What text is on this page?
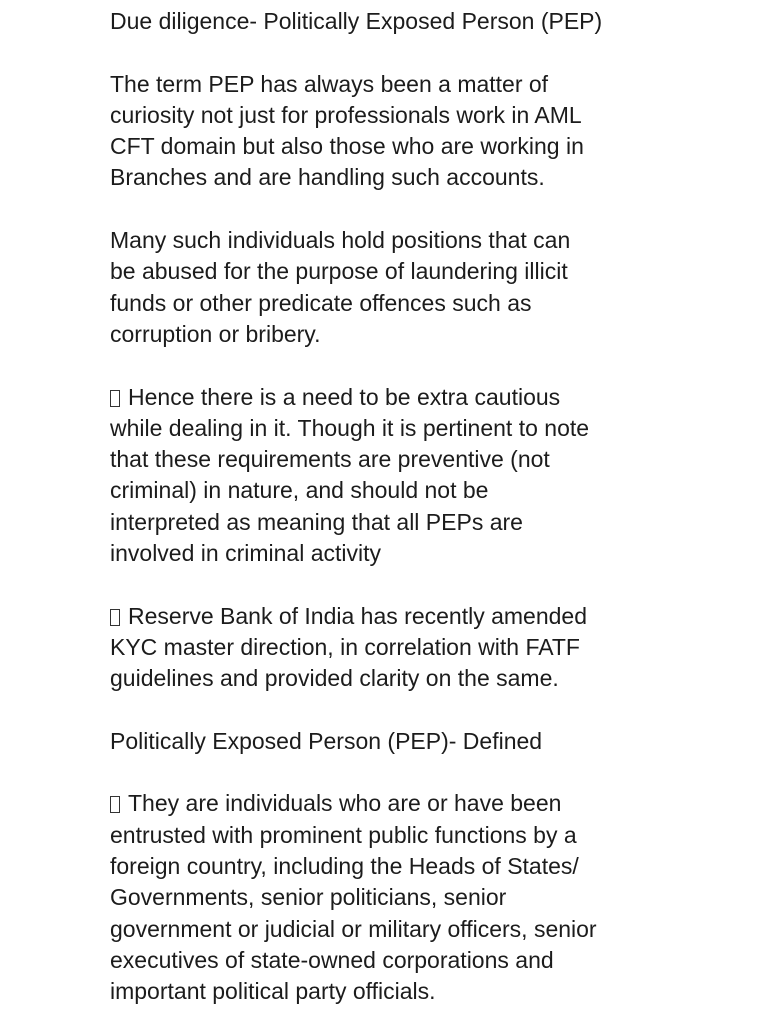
Due diligence- Politically Exposed Person (PEP)
The term PEP has always been a matter of
curiosity not just for professionals work in AML
CFT domain but also those who are working in
Branches and are handling such accounts.
Many such individuals hold positions that can
be abused for the purpose of laundering illicit
funds or other predicate offences such as
corruption or bribery.
Hence there is a need to be extra cautious
while dealing in it. Though it is pertinent to note
that these requirements are preventive (not
criminal) in nature, and should not be
interpreted as meaning that all PEPs are
involved in criminal activity
Reserve Bank of India has recently amended
KYC master direction, in correlation with FATF
guidelines and provided clarity on the same.
Politically Exposed Person (PEP)- Defined
They are individuals who are or have been
entrusted with prominent public functions by a
foreign country, including the Heads of States/
Governments, senior politicians, senior
government or judicial or military officers, senior
executives of state-owned corporations and
important political party officials.
